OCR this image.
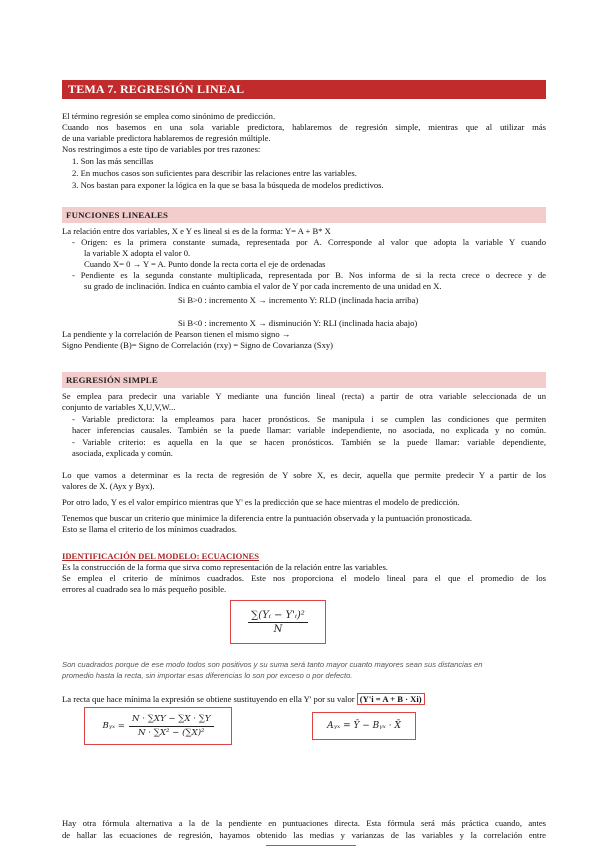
TEMA 7. REGRESIÓN LINEAL
El término regresión se emplea como sinónimo de predicción.
Cuando nos basemos en una sola variable predictora, hablaremos de regresión simple, mientras que al utilizar más
de una variable predictora hablaremos de regresión múltiple.
Nos restringimos a este tipo de variables por tres razones:
1. Son las más sencillas
2. En muchos casos son suficientes para describir las relaciones entre las variables.
3. Nos bastan para exponer la lógica en la que se basa la búsqueda de modelos predictivos.
FUNCIONES LINEALES
La relación entre dos variables, X e Y es lineal si es de la forma: Y= A + B* X
- Origen: es la primera constante sumada, representada por A. Corresponde al valor que adopta la variable Y cuando
la variable X adopta el valor 0.
Cuando X= 0 → Y = A. Punto donde la recta corta el eje de ordenadas
- Pendiente es la segunda constante multiplicada, representada por B. Nos informa de si la recta crece o decrece y de
su grado de inclinación. Indica en cuánto cambia el valor de Y por cada incremento de una unidad en X.
Si B>0 : incremento X → incremento Y: RLD (inclinada hacia arriba)
Si B<0 : incremento X → disminución Y: RLI (inclinada hacia abajo)
La pendiente y la correlación de Pearson tienen el mismo signo →
Signo Pendiente (B)= Signo de Correlación (rxy) = Signo de Covarianza (Sxy)
REGRESIÓN SIMPLE
Se emplea para predecir una variable Y mediante una función lineal (recta) a partir de otra variable seleccionada de un
conjunto de variables X,U,V,W...
- Variable predictora: la empleamos para hacer pronósticos. Se manipula i se cumplen las condiciones que permiten
hacer inferencias causales. También se la puede llamar: variable independiente, no asociada, no explicada y no común.
- Variable criterio: es aquella en la que se hacen pronósticos. También se la puede llamar: variable dependiente,
asociada, explicada y común.
Lo que vamos a determinar es la recta de regresión de Y sobre X, es decir, aquella que permite predecir Y a partir de los
valores de X. (Ayx y Byx).
Por otro lado, Y es el valor empírico mientras que Y' es la predicción que se hace mientras el modelo de predicción.
Tenemos que buscar un criterio que minimice la diferencia entre la puntuación observada y la puntuación pronosticada.
Esto se llama el criterio de los mínimos cuadrados.
IDENTIFICACIÓN DEL MODELO: ECUACIONES
Es la construcción de la forma que sirva como representación de la relación entre las variables.
Se emplea el criterio de mínimos cuadrados. Este nos proporciona el modelo lineal para el que el promedio de los
errores al cuadrado sea lo más pequeño posible.
$\frac{\text{∑(Yᵢ − Y'ᵢ)²}}{N}$
Son cuadrados porque de ese modo todos son positivos y su suma será tanto mayor cuanto mayores sean sus distancias en
promedio hasta la recta, sin importar esas diferencias lo son por exceso o por defecto.
La recta que hace mínima la expresión se obtiene sustituyendo en ella Y' por su valor (Y'i = A + B · Xi)
Bᵧₓ = $\frac{N \cdot \sum XY - \sum X \cdot \sum Y}{\text{N · ∑X² − (∑X)²}}$	Aᵧₓ = Ȳ − Bᵧₓ · X̄
Hay otra fórmula alternativa a la de la pendiente en puntuaciones directa. Esta fórmula será más práctica cuando, antes
de hallar las ecuaciones de regresión, hayamos obtenido las medias y varianzas de las variables y la correlación entre
